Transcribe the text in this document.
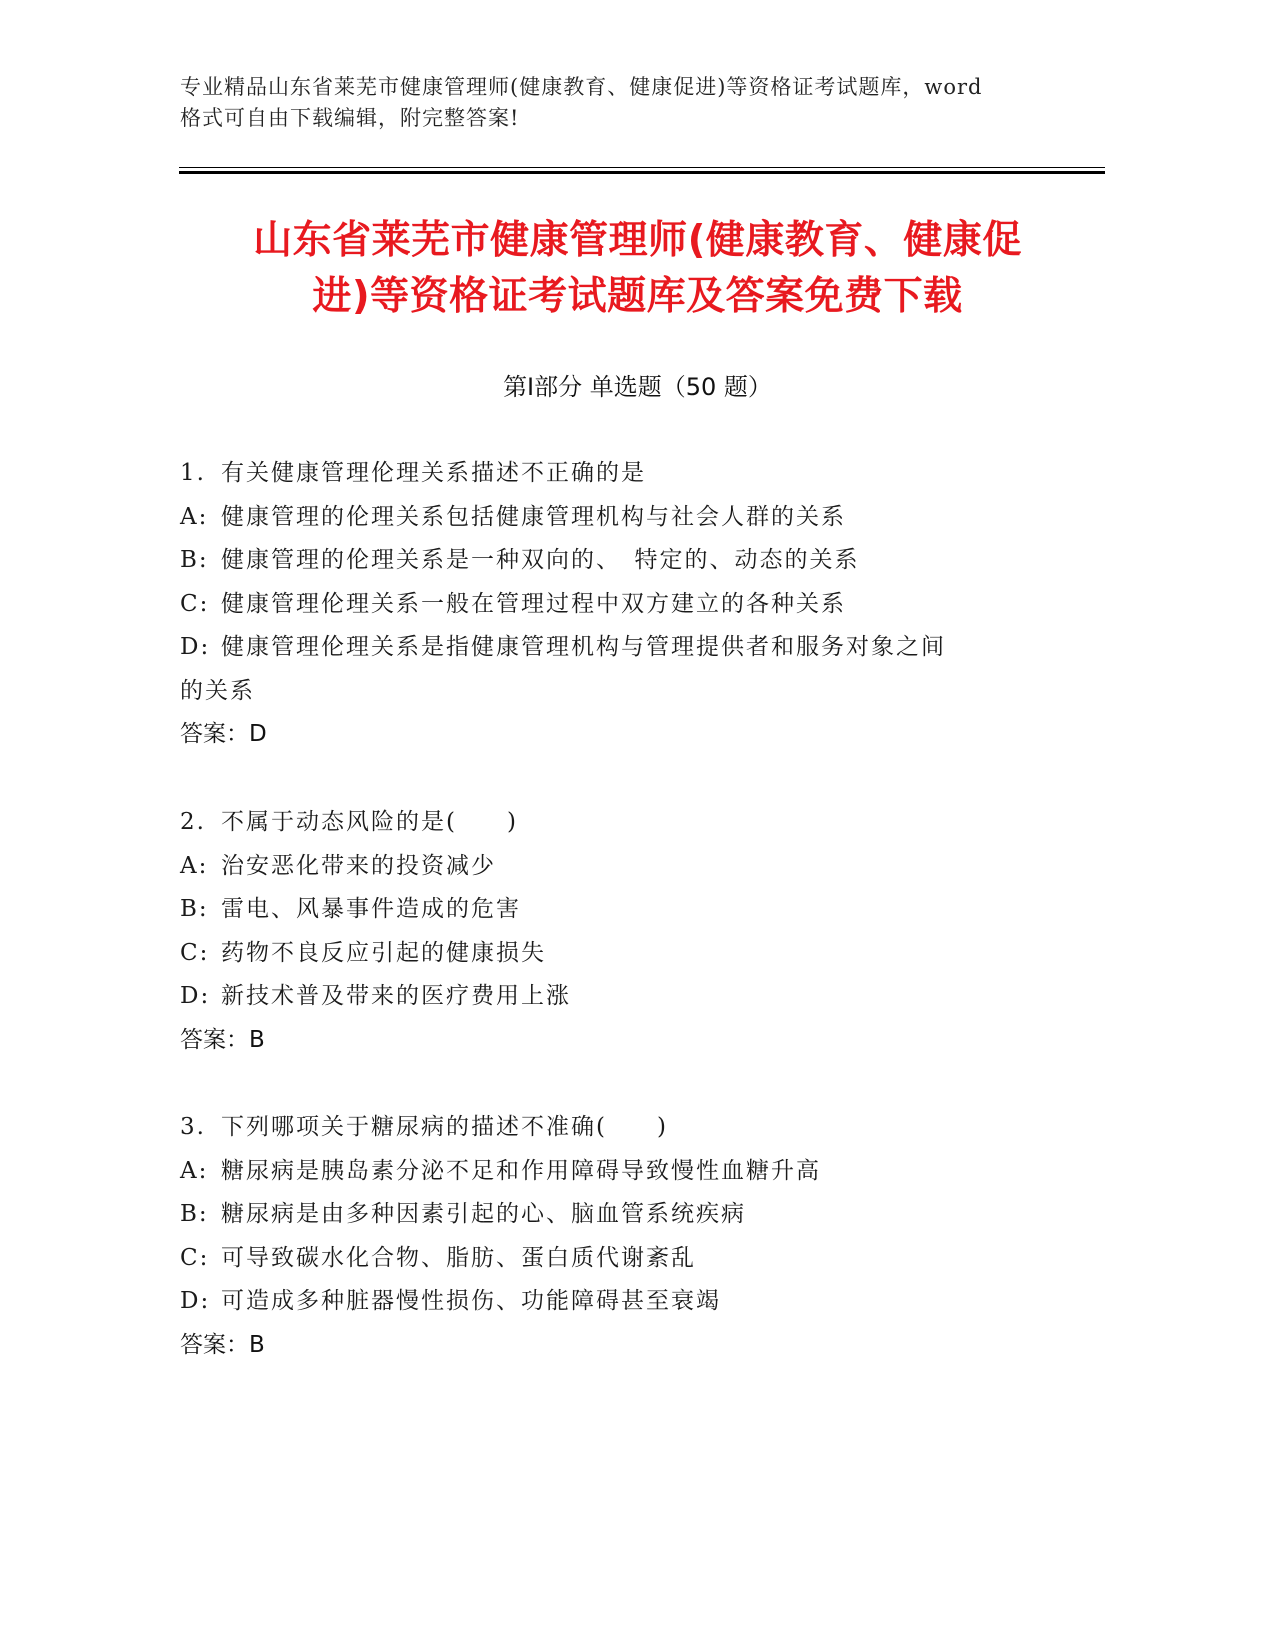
专业精品山东省莱芜市健康管理师(健康教育、健康促进)等资格证考试题库，word
格式可自由下载编辑，附完整答案!
山东省莱芜市健康管理师(健康教育、健康促
进)等资格证考试题库及答案免费下载
第Ⅰ部分 单选题（50 题）
1. 有关健康管理伦理关系描述不正确的是
A: 健康管理的伦理关系包括健康管理机构与社会人群的关系
B: 健康管理的伦理关系是一种双向的、　特定的、动态的关系
C: 健康管理伦理关系一般在管理过程中双方建立的各种关系
D: 健康管理伦理关系是指健康管理机构与管理提供者和服务对象之间
的关系
答案：D
2. 不属于动态风险的是(　　)
A: 治安恶化带来的投资减少
B: 雷电、风暴事件造成的危害
C: 药物不良反应引起的健康损失
D: 新技术普及带来的医疗费用上涨
答案：B
3. 下列哪项关于糖尿病的描述不准确(　　)
A: 糖尿病是胰岛素分泌不足和作用障碍导致慢性血糖升高
B: 糖尿病是由多种因素引起的心、脑血管系统疾病
C: 可导致碳水化合物、脂肪、蛋白质代谢紊乱
D: 可造成多种脏器慢性损伤、功能障碍甚至衰竭
答案：B
